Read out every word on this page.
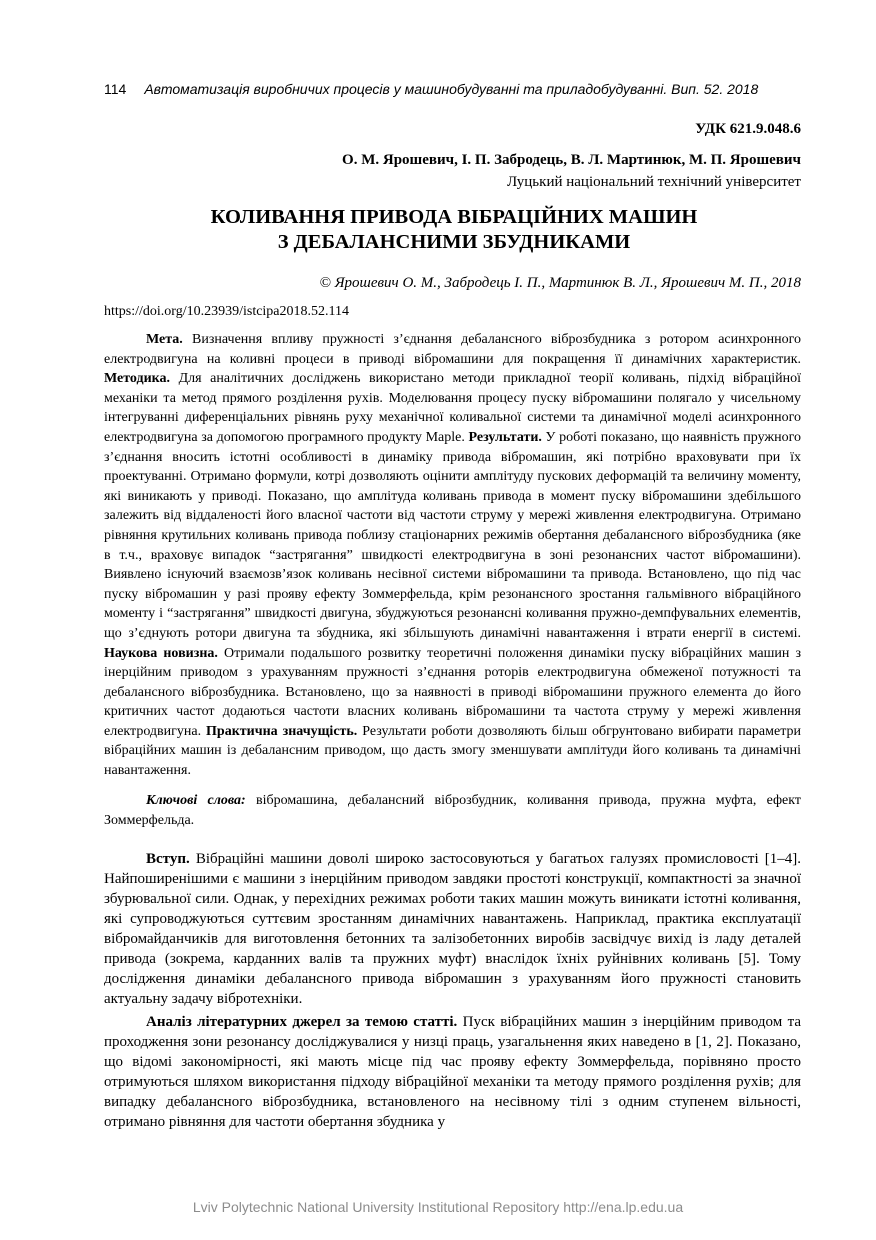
114 Автоматизація виробничих процесів у машинобудуванні та приладобудуванні. Вип. 52. 2018
УДК 621.9.048.6
О. М. Ярошевич, І. П. Забродець, В. Л. Мартинюк, М. П. Ярошевич
Луцький національний технічний університет
КОЛИВАННЯ ПРИВОДА ВІБРАЦІЙНИХ МАШИН
З ДЕБАЛАНСНИМИ ЗБУДНИКАМИ
© Ярошевич О. М., Забродець І. П., Мартинюк В. Л., Ярошевич М. П., 2018
https://doi.org/10.23939/istcipa2018.52.114

Мета. Визначення впливу пружності з’єднання дебалансного віброзбудника з ротором асинхронного електродвигуна на коливні процеси в приводі вібромашини для покращення її динамічних характеристик. Методика. Для аналітичних досліджень використано методи прикладної теорії коливань, підхід вібраційної механіки та метод прямого розділення рухів. Моделювання процесу пуску вібромашини полягало у чисельному інтегруванні диференціальних рівнянь руху механічної коливальної системи та динамічної моделі асинхронного електродвигуна за допомогою програмного продукту Maple. Результати. У роботі показано, що наявність пружного з’єднання вносить істотні особливості в динаміку привода вібромашин, які потрібно враховувати при їх проектуванні. Отримано формули, котрі дозволяють оцінити амплітуду пускових деформацій та величину моменту, які виникають у приводі. Показано, що амплітуда коливань привода в момент пуску вібромашини здебільшого залежить від віддаленості його власної частоти від частоти струму у мережі живлення електродвигуна. Отримано рівняння крутильних коливань привода поблизу стаціонарних режимів обертання дебалансного віброзбудника (яке в т.ч., враховує випадок “застрягання” швидкості електродвигуна в зоні резонансних частот вібромашини). Виявлено існуючий взаємозв’язок коливань несівної системи вібромашини та привода. Встановлено, що під час пуску вібромашин у разі прояву ефекту Зоммерфельда, крім резонансного зростання гальмівного вібраційного моменту і “застрягання” швидкості двигуна, збуджуються резонансні коливання пружно-демпфувальних елементів, що з’єднують ротори двигуна та збудника, які збільшують динамічні навантаження і втрати енергії в системі. Наукова новизна. Отримали подальшого розвитку теоретичні положення динаміки пуску вібраційних машин з інерційним приводом з урахуванням пружності з’єднання роторів електродвигуна обмеженої потужності та дебалансного віброзбудника. Встановлено, що за наявності в приводі вібромашини пружного елемента до його критичних частот додаються частоти власних коливань вібромашини та частота струму у мережі живлення електродвигуна. Практична значущість. Результати роботи дозволяють більш обгрунтовано вибирати параметри вібраційних машин із дебалансним приводом, що дасть змогу зменшувати амплітуди його коливань та динамічні навантаження.

Ключові слова: вібромашина, дебалансний віброзбудник, коливання привода, пружна муфта, ефект Зоммерфельда.

Вступ. Вібраційні машини доволі широко застосовуються у багатьох галузях промисловості [1–4]. Найпоширенішими є машини з інерційним приводом завдяки простоті конструкції, компактності за значної збурювальної сили. Однак, у перехідних режимах роботи таких машин можуть виникати істотні коливання, які супроводжуються суттєвим зростанням динамічних навантажень. Наприклад, практика експлуатації вібромайданчиків для виготовлення бетонних та залізобетонних виробів засвідчує вихід із ладу деталей привода (зокрема, карданних валів та пружних муфт) внаслідок їхніх руйнівних коливань [5]. Тому дослідження динаміки дебалансного привода вібромашин з урахуванням його пружності становить актуальну задачу вібротехніки.

Аналіз літературних джерел за темою статті. Пуск вібраційних машин з інерційним приводом та проходження зони резонансу досліджувалися у низці праць, узагальнення яких наведено в [1, 2]. Показано, що відомі закономірності, які мають місце під час прояву ефекту Зоммерфельда, порівняно просто отримуються шляхом використання підходу вібраційної механіки та методу прямого розділення рухів; для випадку дебалансного віброзбудника, встановленого на несівному тілі з одним ступенем вільності, отримано рівняння для частоти обертання збудника у

Lviv Polytechnic National University Institutional Repository http://ena.lp.edu.ua
